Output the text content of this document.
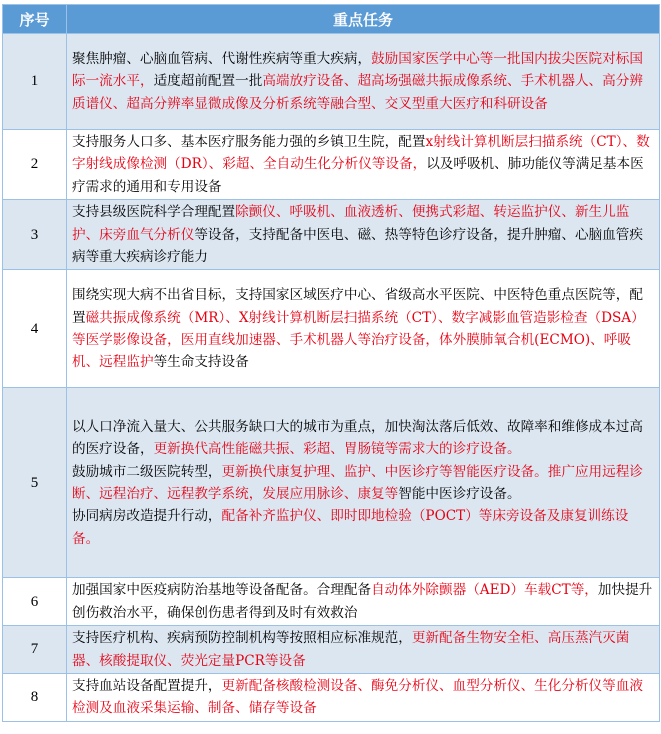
序号	重点任务
1	聚焦肿瘤、心脑血管病、代谢性疾病等重大疾病，鼓励国家医学中心等一批国内拔尖医院对标国际一流水平，适度超前配置一批高端放疗设备、超高场强磁共振成像系统、手术机器人、高分辨质谱仪、超高分辨率显微成像及分析系统等融合型、交叉型重大医疗和科研设备

2	支持服务人口多、基本医疗服务能力强的乡镇卫生院，配置x射线计算机断层扫描系统（CT）、数字射线成像检测（DR）、彩超、全自动生化分析仪等设备，以及呼吸机、肺功能仪等满足基本医疗需求的通用和专用设备

3	支持县级医院科学合理配置除颤仪、呼吸机、血液透析、便携式彩超、转运监护仪、新生儿监护、床旁血气分析仪等设备，支持配备中医电、磁、热等特色诊疗设备，提升肿瘤、心脑血管疾病等重大疾病诊疗能力

4	围绕实现大病不出省目标，支持国家区域医疗中心、省级高水平医院、中医特色重点医院等，配置磁共振成像系统（MR）、X射线计算机断层扫描系统（CT）、数字减影血管造影检查（DSA）等医学影像设备，医用直线加速器、手术机器人等治疗设备，体外膜肺氧合机(ECMO)、呼吸机、远程监护等生命支持设备

5	以人口净流入量大、公共服务缺口大的城市为重点，加快淘汰落后低效、故障率和维修成本过高的医疗设备，更新换代高性能磁共振、彩超、胃肠镜等需求大的诊疗设备。

鼓励城市二级医院转型，更新换代康复护理、监护、中医诊疗等智能医疗设备。推广应用远程诊断、远程治疗、远程教学系统，发展应用脉诊、康复等智能中医诊疗设备。

协同病房改造提升行动，配备补齐监护仪、即时即地检验（POCT）等床旁设备及康复训练设备。

6	加强国家中医疫病防治基地等设备配备。合理配备自动体外除颤器（AED）车载CT等，加快提升创伤救治水平，确保创伤患者得到及时有效救治

7	支持医疗机构、疾病预防控制机构等按照相应标准规范，更新配备生物安全柜、高压蒸汽灭菌器、核酸提取仪、荧光定量PCR等设备

8	支持血站设备配置提升，更新配备核酸检测设备、酶免分析仪、血型分析仪、生化分析仪等血液检测及血液采集运输、制备、储存等设备
